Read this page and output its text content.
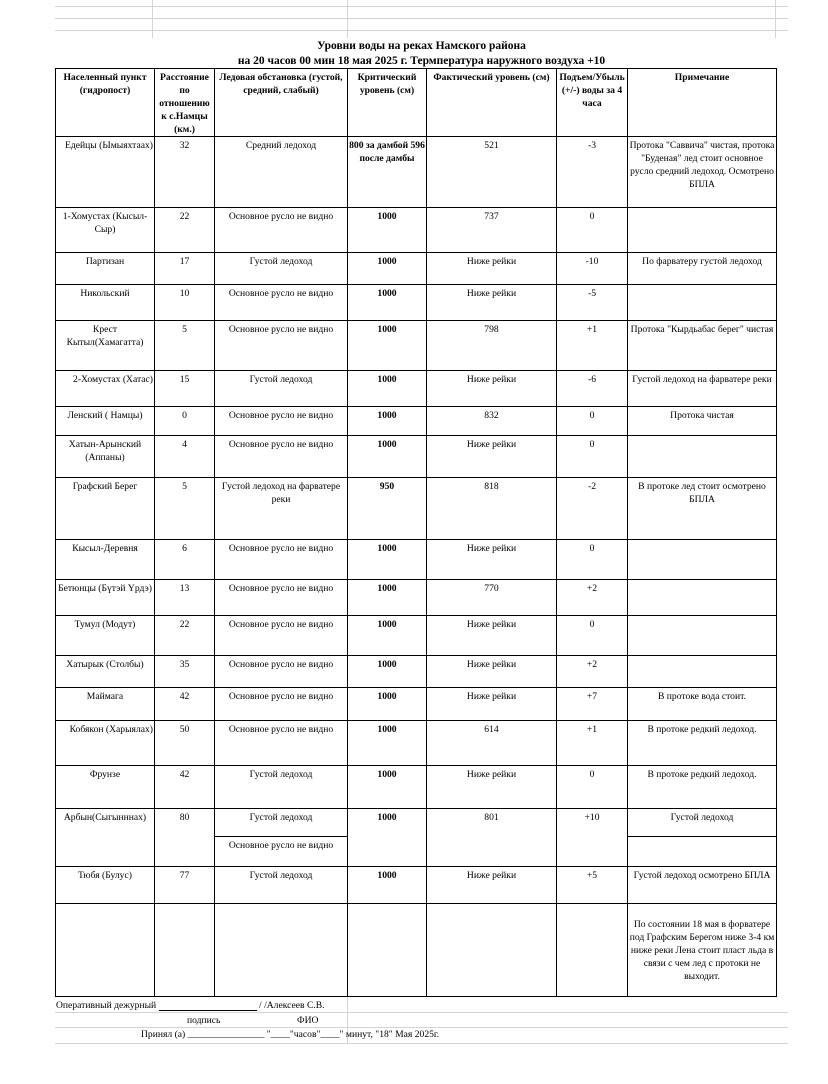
Уровни воды на реках Намского района
на 20 часов 00 мин 18 мая 2025 г. Термпература наружного воздуха +10
Населенный пункт (гидропост)	Расстояние по отношению к с.Намцы (км.)	Ледовая обстановка (густой, средний, слабый)	Критический уровень (см)	Фактический уровень (см)	Подъем/Убыль (+/-) воды за 4 часа	Примечание
Едейцы (Ымыяхтаах)	32	Средний ледоход	800 за дамбой 596 после дамбы	521	-3	Протока "Саввича" чистая, протока "Буденая" лед стоит основное русло средний ледоход. Осмотрено БПЛА
1-Хомустах (Кысыл-Сыр)	22	Основное русло не видно	1000	737	0	
Партизан	17	Густой ледоход	1000	Ниже рейки	-10	По фарватеру густой ледоход
Никольский	10	Основное русло не видно	1000	Ниже рейки	-5	
Крест Кытыл(Хамагатта)	5	Основное русло не видно	1000	798	+1	Протока "Кырдьабас берег" чистая
2-Хомустах (Хатас)	15	Густой ледоход	1000	Ниже рейки	-6	Густой ледоход на фарватере реки
Ленский ( Намцы)	0	Основное русло не видно	1000	832	0	Протока чистая
Хатын-Арынский (Аппаны)	4	Основное русло не видно	1000	Ниже рейки	0	
Графский Берег	5	Густой ледоход на фарватере реки	950	818	-2	В протоке лед стоит осмотрено БПЛА
Кысыл-Деревня	6	Основное русло не видно	1000	Ниже рейки	0	
Бетюнцы (Бүтэй Үрдэ)	13	Основное русло не видно	1000	770	+2	
Тумул (Модут)	22	Основное русло не видно	1000	Ниже рейки	0	
Хатырык (Столбы)	35	Основное русло не видно	1000	Ниже рейки	+2	
Маймага	42	Основное русло не видно	1000	Ниже рейки	+7	В протоке вода стоит.
Кобякон (Харыялах)	50	Основное русло не видно	1000	614	+1	В протоке редкий ледоход.
Фрунзе	42	Густой ледоход	1000	Ниже рейки	0	В протоке редкий ледоход.
Арбын(Сыгынннах)	80	Густой ледоход	1000	801	+10	Густой ледоход
		Основное русло не видно				
Тюбя (Булус)	77	Густой ледоход	1000	Ниже рейки	+5	Густой ледоход осмотрено БПЛА
						По состоянии 18 мая в форватере под Графским Берегом ниже 3-4 км ниже реки Лена стоит пласт льда в связи с чем лед с протоки не выходит.
Оперативный дежурный	/ /Алексеев С.В.
подпись	ФИО
Принял (а) ________________ "____"часов"____" минут, "18" Мая 2025г.
